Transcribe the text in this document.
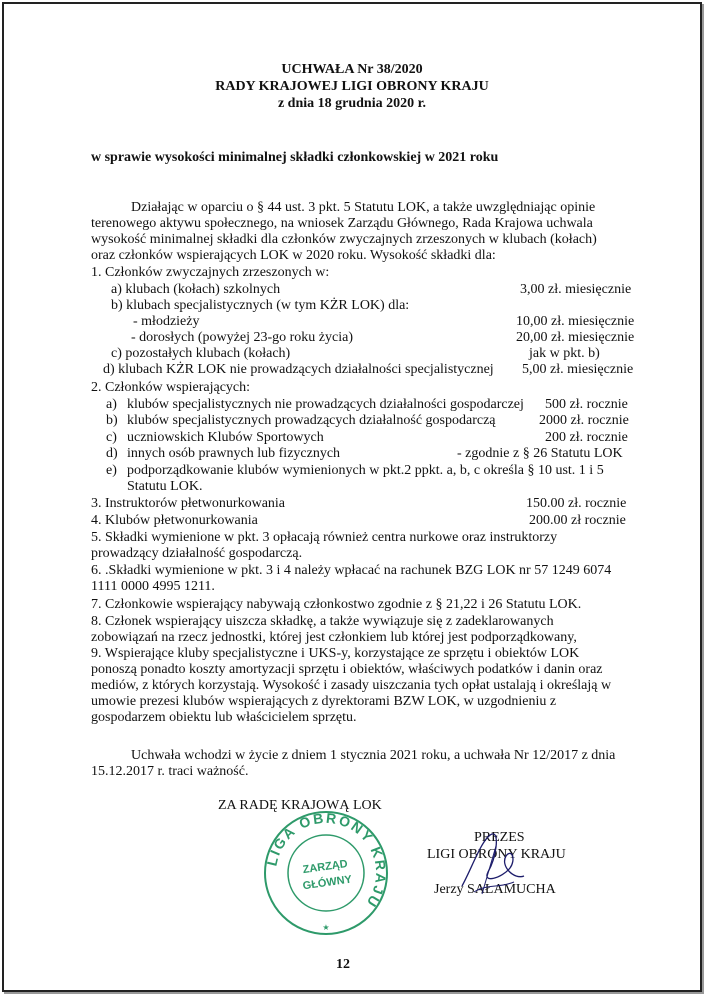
UCHWAŁA Nr 38/2020
RADY KRAJOWEJ LIGI OBRONY KRAJU
z dnia 18 grudnia 2020 r.
w sprawie wysokości minimalnej składki członkowskiej w 2021 roku
Działając w oparciu o § 44 ust. 3 pkt. 5 Statutu LOK, a także uwzględniając opinie
terenowego aktywu społecznego, na wniosek Zarządu Głównego, Rada Krajowa uchwala
wysokość minimalnej składki dla członków zwyczajnych zrzeszonych w klubach (kołach)
oraz członków wspierających LOK w 2020 roku. Wysokość składki dla:
1. Członków zwyczajnych zrzeszonych w:
a) klubach (kołach) szkolnych	3,00 zł. miesięcznie
b) klubach specjalistycznych (w tym KŻR LOK) dla:
- młodzieży	10,00 zł. miesięcznie
- dorosłych (powyżej 23-go roku życia)	20,00 zł. miesięcznie
c) pozostałych klubach (kołach)	jak w pkt. b)
d) klubach KŻR LOK nie prowadzących działalności specjalistycznej 5,00 zł. miesięcznie
2. Członków wspierających:
a) klubów specjalistycznych nie prowadzących działalności gospodarczej 500 zł. rocznie
b) klubów specjalistycznych prowadzących działalność gospodarczą	2000 zł. rocznie
c) uczniowskich Klubów Sportowych	200 zł. rocznie
d) innych osób prawnych lub fizycznych	- zgodnie z § 26 Statutu LOK
e) podporządkowanie klubów wymienionych w pkt.2 ppkt. a, b, c określa § 10 ust. 1 i 5
Statutu LOK.
3. Instruktorów płetwonurkowania	150.00 zł. rocznie
4. Klubów płetwonurkowania	200.00 zł rocznie
5. Składki wymienione w pkt. 3 opłacają również centra nurkowe oraz instruktorzy
prowadzący działalność gospodarczą.
6. .Składki wymienione w pkt. 3 i 4 należy wpłacać na rachunek BZG LOK nr 57 1249 6074
1111 0000 4995 1211.
7. Członkowie wspierający nabywają członkostwo zgodnie z § 21,22 i 26 Statutu LOK.
8. Członek wspierający uiszcza składkę, a także wywiązuje się z zadeklarowanych
zobowiązań na rzecz jednostki, której jest członkiem lub której jest podporządkowany,
9. Wspierające kluby specjalistyczne i UKS-y, korzystające ze sprzętu i obiektów LOK
ponoszą ponadto koszty amortyzacji sprzętu i obiektów, właściwych podatków i danin oraz
mediów, z których korzystają. Wysokość i zasady uiszczania tych opłat ustalają i określają w
umowie prezesi klubów wspierających z dyrektorami BZW LOK, w uzgodnieniu z
gospodarzem obiektu lub właścicielem sprzętu.
Uchwała wchodzi w życie z dniem 1 stycznia 2021 roku, a uchwała Nr 12/2017 z dnia
15.12.2017 r. traci ważność.
ZA RADĘ KRAJOWĄ LOK
PREZES
LIGI OBRONY KRAJU
Jerzy SAŁAMUCHA
LIGA OBRONY KRAJU
ZARZĄD
GŁÓWNY
★
12
